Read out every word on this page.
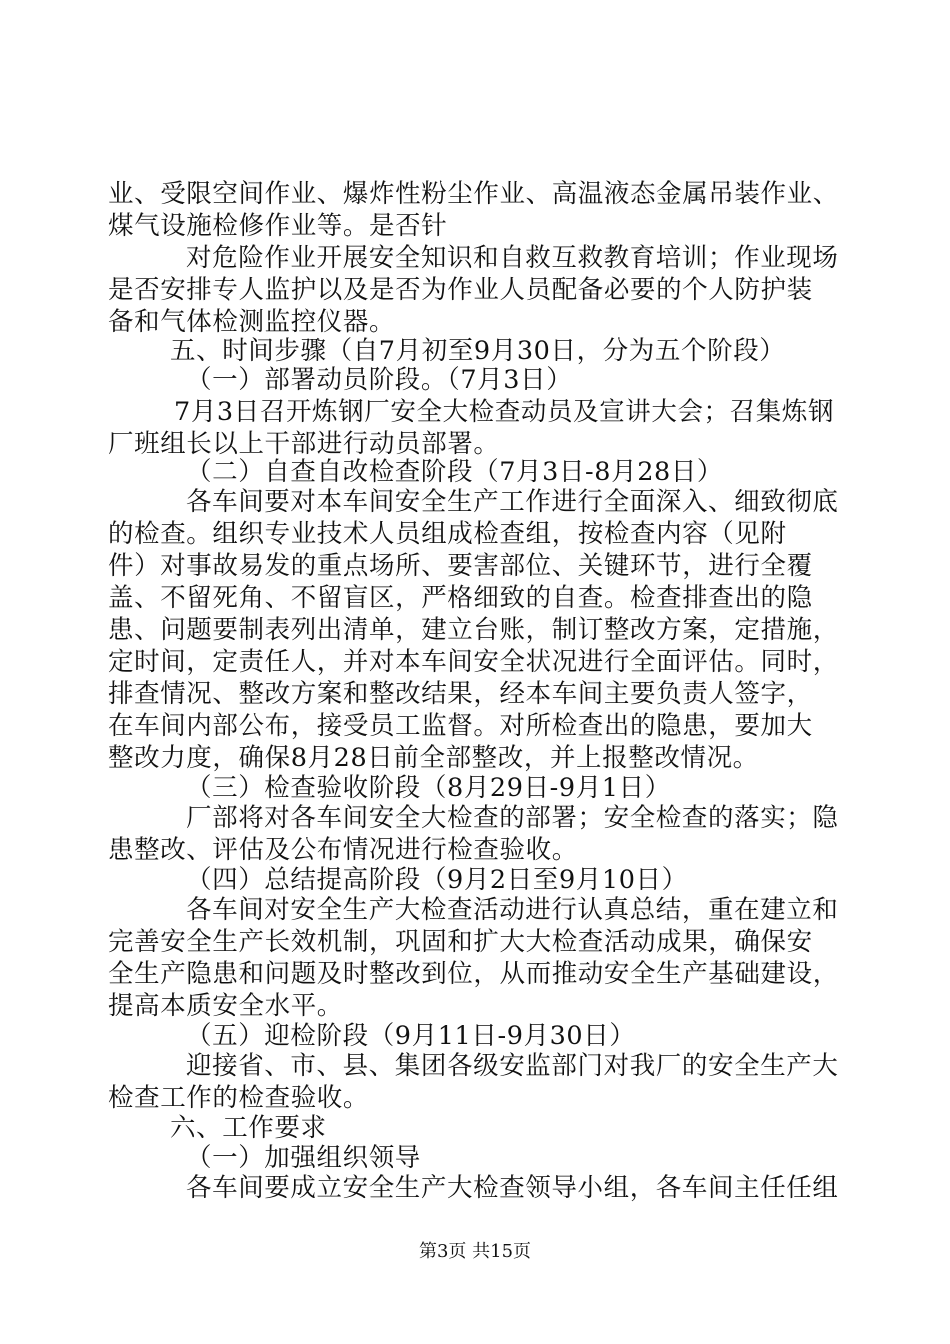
业、受限空间作业、爆炸性粉尘作业、高温液态金属吊装作业、
煤气设施检修作业等。是否针
对危险作业开展安全知识和自救互救教育培训；作业现场
是否安排专人监护以及是否为作业人员配备必要的个人防护装
备和气体检测监控仪器。
五、时间步骤（自7月初至9月30日，分为五个阶段）
（一）部署动员阶段。（7月3日）
7月3日召开炼钢厂安全大检查动员及宣讲大会；召集炼钢
厂班组长以上干部进行动员部署。
（二）自查自改检查阶段（7月3日-8月28日）
各车间要对本车间安全生产工作进行全面深入、细致彻底
的检查。组织专业技术人员组成检查组，按检查内容（见附
件）对事故易发的重点场所、要害部位、关键环节，进行全覆
盖、不留死角、不留盲区，严格细致的自查。检查排查出的隐
患、问题要制表列出清单，建立台账，制订整改方案，定措施，
定时间，定责任人，并对本车间安全状况进行全面评估。同时，
排查情况、整改方案和整改结果，经本车间主要负责人签字，
在车间内部公布，接受员工监督。对所检查出的隐患，要加大
整改力度，确保8月28日前全部整改，并上报整改情况。
（三）检查验收阶段（8月29日-9月1日）
厂部将对各车间安全大检查的部署；安全检查的落实；隐
患整改、评估及公布情况进行检查验收。
（四）总结提高阶段（9月2日至9月10日）
各车间对安全生产大检查活动进行认真总结，重在建立和
完善安全生产长效机制，巩固和扩大大检查活动成果，确保安
全生产隐患和问题及时整改到位，从而推动安全生产基础建设，
提高本质安全水平。
（五）迎检阶段（9月11日-9月30日）
迎接省、市、县、集团各级安监部门对我厂的安全生产大
检查工作的检查验收。
六、工作要求
（一）加强组织领导
各车间要成立安全生产大检查领导小组，各车间主任任组
第3页 共15页
